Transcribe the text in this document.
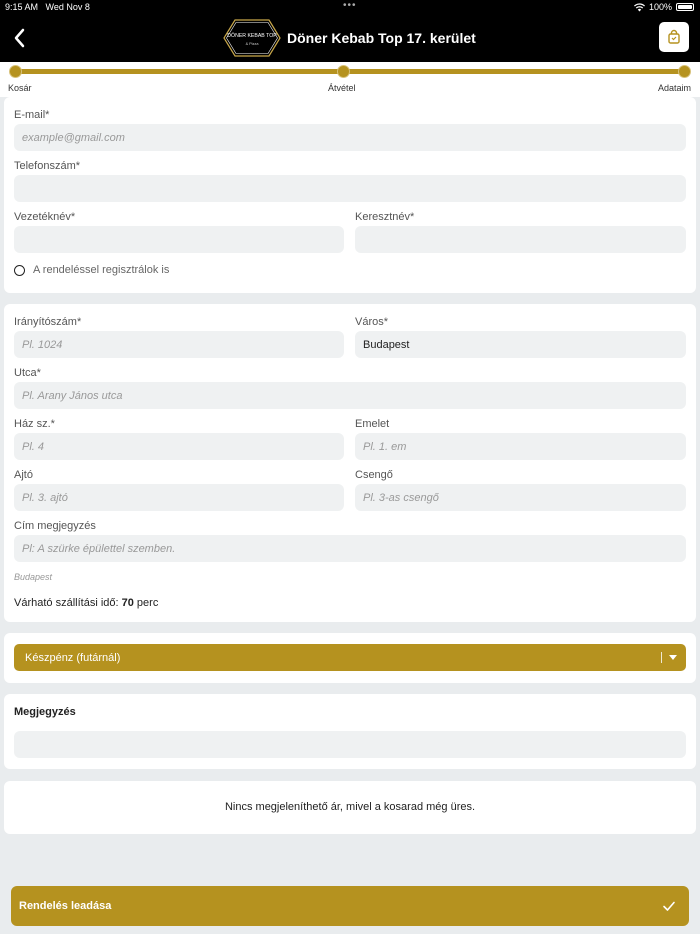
9:15 AM Wed Nov 8	•••	100%
DÖNER KEBAB TOP
& Pizza Döner Kebab Top 17. kerület
Kosár	Átvétel	Adataim
E-mail*
example@gmail.com
Telefonszám*
Vezetéknév*	Keresztnév*
A rendeléssel regisztrálok is
Irányítószám*
Pl. 1024
Város*
Budapest
Utca*
Pl. Arany János utca
Ház sz.*
Pl. 4
Emelet
Pl. 1. em
Ajtó
Pl. 3. ajtó
Csengő
Pl. 3-as csengő
Cím megjegyzés
Pl: A szürke épülettel szemben.
Budapest
Várható szállítási idő: 70 perc
Készpénz (futárnál)
Megjegyzés
Nincs megjeleníthető ár, mivel a kosarad még üres.
Rendelés leadása
